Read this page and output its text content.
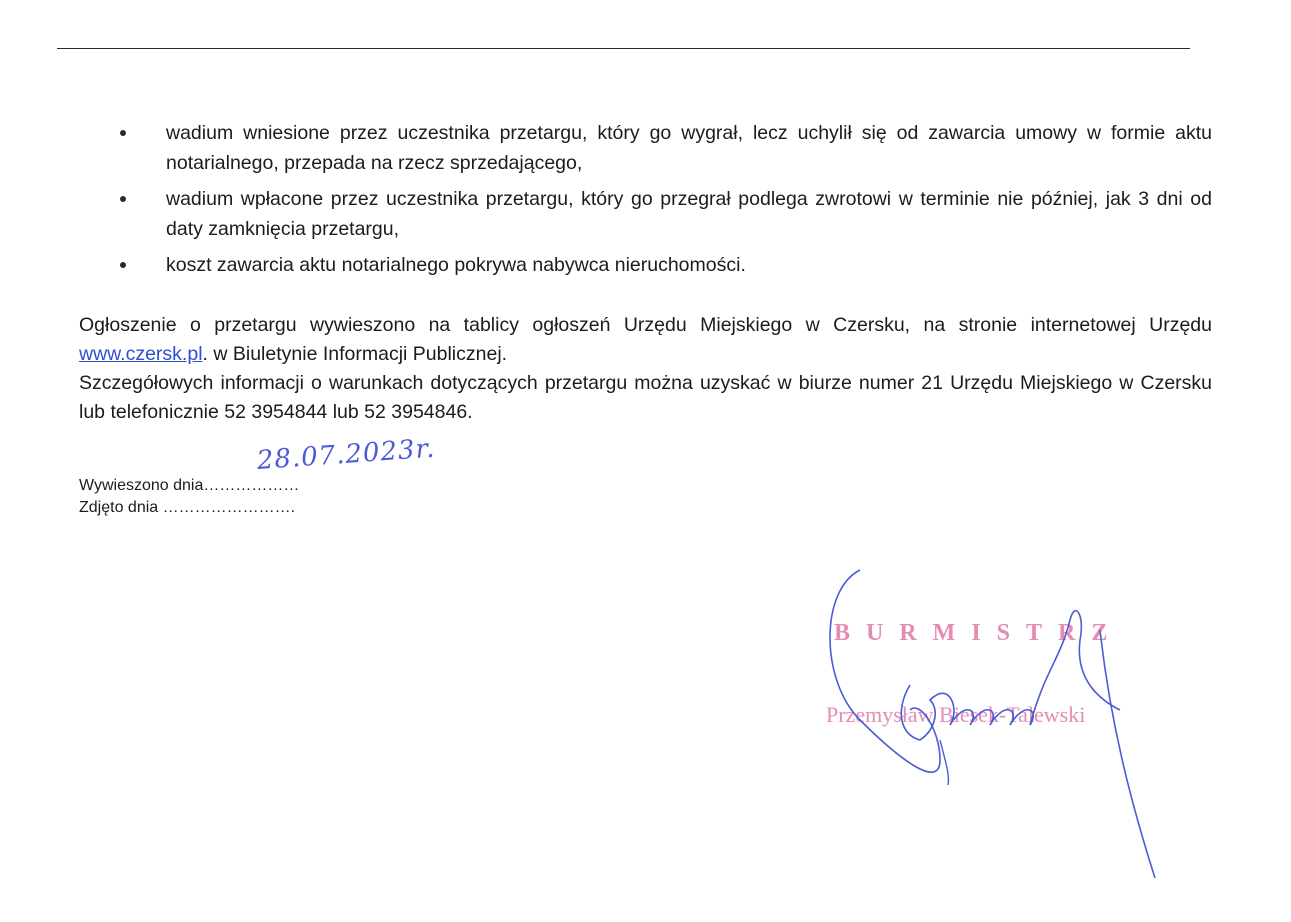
wadium wniesione przez uczestnika przetargu, który go wygrał, lecz uchylił się od zawarcia umowy w formie aktu notarialnego, przepada na rzecz sprzedającego,
wadium wpłacone przez uczestnika przetargu, który go przegrał podlega zwrotowi w terminie nie później, jak 3 dni od daty zamknięcia przetargu,
koszt zawarcia aktu notarialnego pokrywa nabywca nieruchomości.

Ogłoszenie o przetargu wywieszono na tablicy ogłoszeń Urzędu Miejskiego w Czersku, na stronie internetowej Urzędu www.czersk.pl. w Biuletynie Informacji Publicznej.

Szczegółowych informacji o warunkach dotyczących przetargu można uzyskać w biurze numer 21 Urzędu Miejskiego w Czersku lub telefonicznie 52 3954844 lub 52 3954846.

Wywieszono dnia………………
Zdjęto dnia …………………….
28.07.2023r.
BURMISTRZ
Przemysław Biesek-Talewski
